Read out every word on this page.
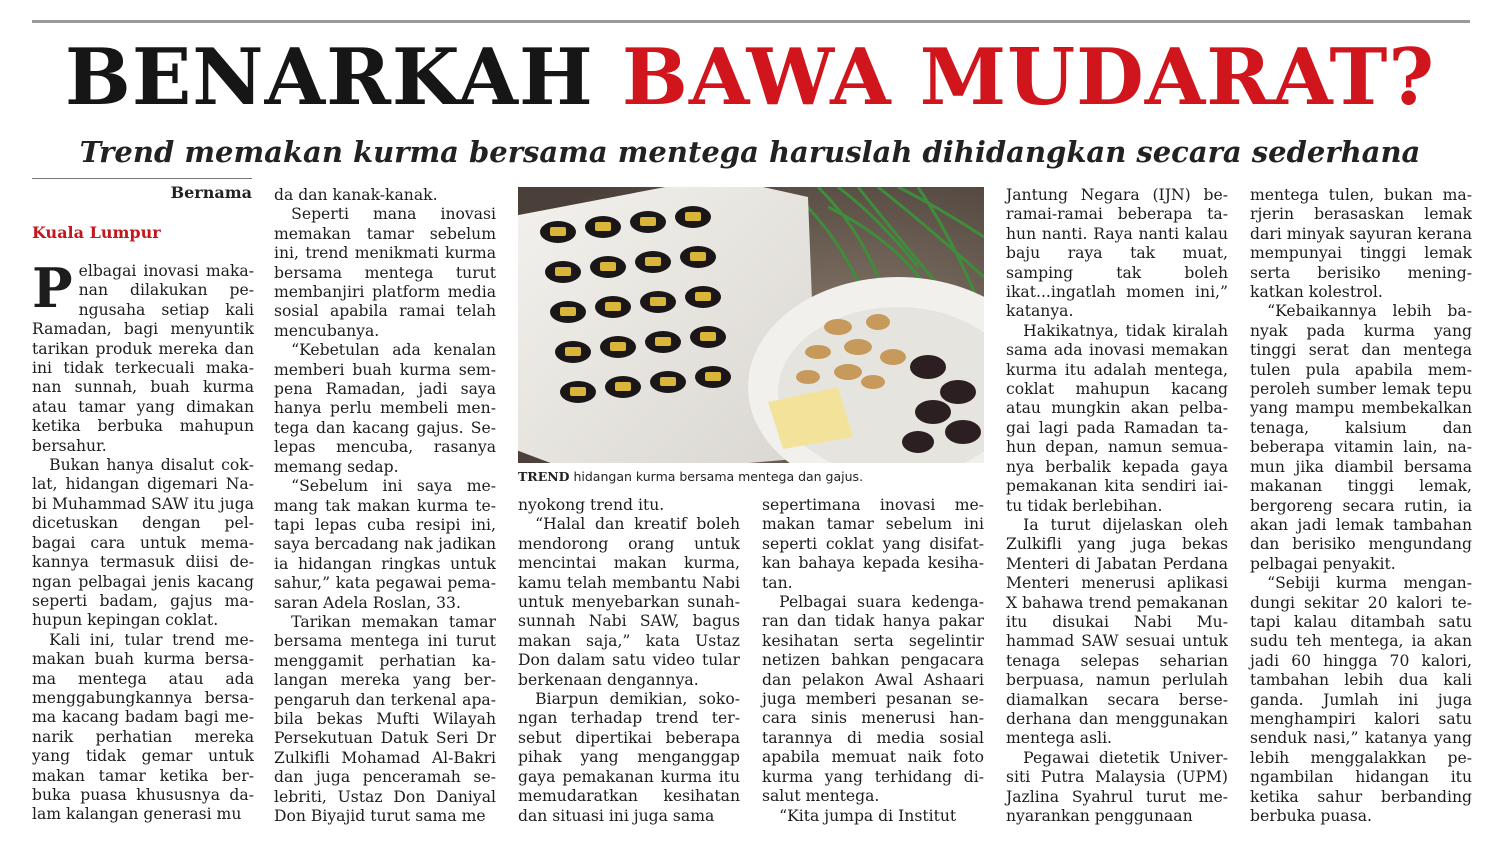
BENARKAH BAWA MUDARAT?
Trend memakan kurma bersama mentega haruslah dihidangkan secara sederhana
Bernama
Kuala Lumpur

Pelbagai inovasi makanan dilakukan pengusaha setiap kali Ramadan, bagi menyuntik tarikan produk mereka dan ini tidak terkecuali makanan sunnah, buah kurma atau tamar yang dimakan ketika berbuka mahupun bersahur.

Bukan hanya disalut coklat, hidangan digemari Nabi Muhammad SAW itu juga dicetuskan dengan pelbagai cara untuk memakannya termasuk diisi dengan pelbagai jenis kacang seperti badam, gajus mahupun kepingan coklat.

Kali ini, tular trend memakan buah kurma bersama mentega atau ada menggabungkannya bersama kacang badam bagi menarik perhatian mereka yang tidak gemar untuk makan tamar ketika berbuka puasa khususnya dalam kalangan generasi mu

da dan kanak-kanak.

Seperti mana inovasi memakan tamar sebelum ini, trend menikmati kurma bersama mentega turut membanjiri platform media sosial apabila ramai telah mencubanya.

“Kebetulan ada kenalan memberi buah kurma sempena Ramadan, jadi saya hanya perlu membeli mentega dan kacang gajus. Selepas mencuba, rasanya memang sedap.

“Sebelum ini saya memang tak makan kurma tetapi lepas cuba resipi ini, saya bercadang nak jadikan ia hidangan ringkas untuk sahur,” kata pegawai pemasaran Adela Roslan, 33.

Tarikan memakan tamar bersama mentega ini turut menggamit perhatian kalangan mereka yang berpengaruh dan terkenal apabila bekas Mufti Wilayah Persekutuan Datuk Seri Dr Zulkifli Mohamad Al-Bakri dan juga penceramah selebriti, Ustaz Don Daniyal Don Biyajid turut sama me

TREND hidangan kurma bersama mentega dan gajus.

nyokong trend itu.

“Halal dan kreatif boleh mendorong orang untuk mencintai makan kurma, kamu telah membantu Nabi untuk menyebarkan sunah-sunnah Nabi SAW, bagus makan saja,” kata Ustaz Don dalam satu video tular berkenaan dengannya.

Biarpun demikian, sokongan terhadap trend tersebut dipertikai beberapa pihak yang menganggap gaya pemakanan kurma itu memudaratkan kesihatan dan situasi ini juga sama

sepertimana inovasi memakan tamar sebelum ini seperti coklat yang disifatkan bahaya kepada kesihatan.

Pelbagai suara kedengaran dan tidak hanya pakar kesihatan serta segelintir netizen bahkan pengacara dan pelakon Awal Ashaari juga memberi pesanan secara sinis menerusi hantarannya di media sosial apabila memuat naik foto kurma yang terhidang disalut mentega.

“Kita jumpa di Institut

Jantung Negara (IJN) beramai-ramai beberapa tahun nanti. Raya nanti kalau baju raya tak muat, samping tak boleh ikat...ingatlah momen ini,” katanya.

Hakikatnya, tidak kiralah sama ada inovasi memakan kurma itu adalah mentega, coklat mahupun kacang atau mungkin akan pelbagai lagi pada Ramadan tahun depan, namun semuanya berbalik kepada gaya pemakanan kita sendiri iaitu tidak berlebihan.

Ia turut dijelaskan oleh Zulkifli yang juga bekas Menteri di Jabatan Perdana Menteri menerusi aplikasi X bahawa trend pemakanan itu disukai Nabi Muhammad SAW sesuai untuk tenaga selepas seharian berpuasa, namun perlulah diamalkan secara bersederhana dan menggunakan mentega asli.

Pegawai dietetik Universiti Putra Malaysia (UPM) Jazlina Syahrul turut menyarankan penggunaan

mentega tulen, bukan marjerin berasaskan lemak dari minyak sayuran kerana mempunyai tinggi lemak serta berisiko meningkatkan kolestrol.

“Kebaikannya lebih banyak pada kurma yang tinggi serat dan mentega tulen pula apabila memperoleh sumber lemak tepu yang mampu membekalkan tenaga, kalsium dan beberapa vitamin lain, namun jika diambil bersama makanan tinggi lemak, bergoreng secara rutin, ia akan jadi lemak tambahan dan berisiko mengundang pelbagai penyakit.

“Sebiji kurma mengandungi sekitar 20 kalori tetapi kalau ditambah satu sudu teh mentega, ia akan jadi 60 hingga 70 kalori, tambahan lebih dua kali ganda. Jumlah ini juga menghampiri kalori satu senduk nasi,” katanya yang lebih menggalakkan pengambilan hidangan itu ketika sahur berbanding berbuka puasa.
